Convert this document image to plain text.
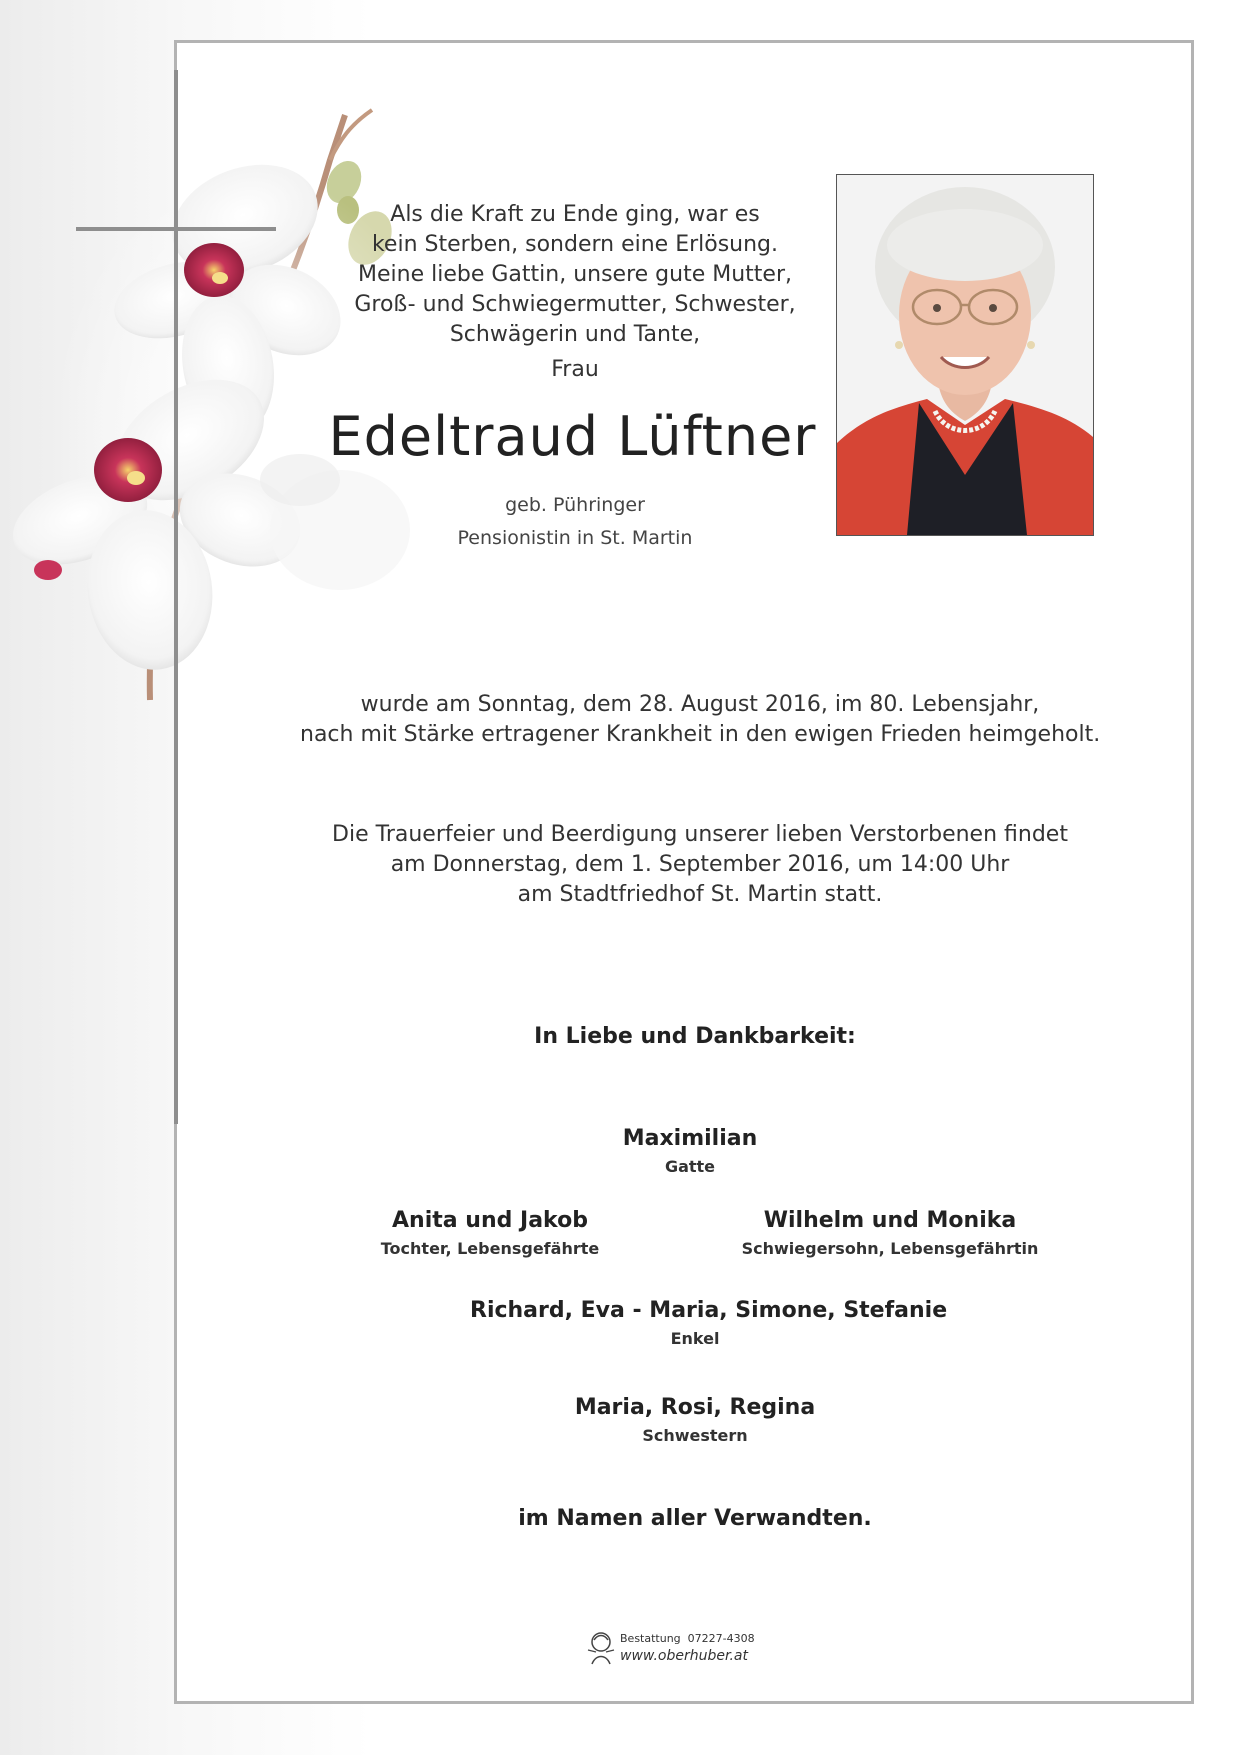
Als die Kraft zu Ende ging, war es
kein Sterben, sondern eine Erlösung.
Meine liebe Gattin, unsere gute Mutter,
Groß- und Schwiegermutter, Schwester,
Schwägerin und Tante,
Frau
Edeltraud Lüftner
geb. Pühringer
Pensionistin in St. Martin
wurde am Sonntag, dem 28. August 2016, im 80. Lebensjahr,
nach mit Stärke ertragener Krankheit in den ewigen Frieden heimgeholt.
Die Trauerfeier und Beerdigung unserer lieben Verstorbenen findet
am Donnerstag, dem 1. September 2016, um 14:00 Uhr
am Stadtfriedhof St. Martin statt.
In Liebe und Dankbarkeit:
Maximilian
Gatte
Anita und Jakob
Tochter, Lebensgefährte
Wilhelm und Monika
Schwiegersohn, Lebensgefährtin
Richard, Eva - Maria, Simone, Stefanie
Enkel
Maria, Rosi, Regina
Schwestern
im Namen aller Verwandten.
Bestattung 07227-4308
www.oberhuber.at
